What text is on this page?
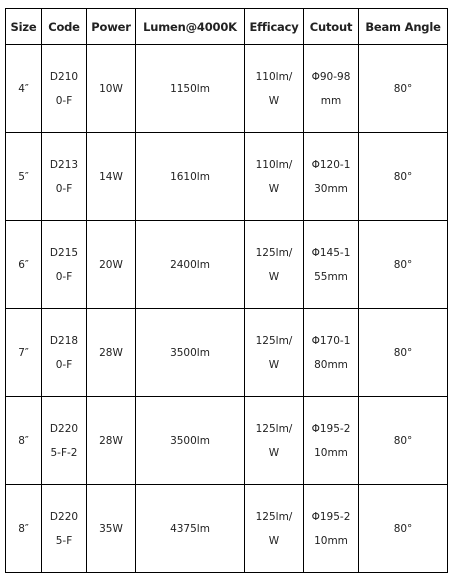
Size	Code	Power	Lumen@4000K	Efficacy	Cutout	Beam Angle
4″	D2100-F	10W	1150lm	110lm/W	Φ90-98mm	80°
5″	D2130-F	14W	1610lm	110lm/W	Φ120-130mm	80°
6″	D2150-F	20W	2400lm	125lm/W	Φ145-155mm	80°
7″	D2180-F	28W	3500lm	125lm/W	Φ170-180mm	80°
8″	D2205-F-2	28W	3500lm	125lm/W	Φ195-210mm	80°
8″	D2205-F	35W	4375lm	125lm/W	Φ195-210mm	80°
